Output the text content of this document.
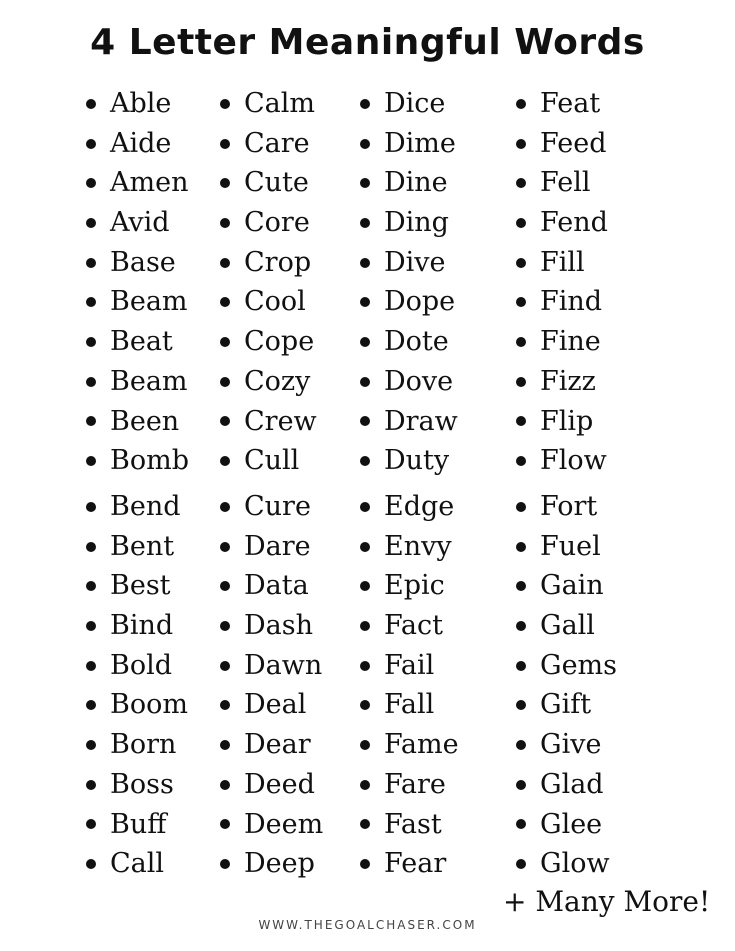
4 Letter Meaningful Words
Able
Aide
Amen
Avid
Base
Beam
Beat
Beam
Been
Bomb
Calm
Care
Cute
Core
Crop
Cool
Cope
Cozy
Crew
Cull
Dice
Dime
Dine
Ding
Dive
Dope
Dote
Dove
Draw
Duty
Feat
Feed
Fell
Fend
Fill
Find
Fine
Fizz
Flip
Flow
Bend
Bent
Best
Bind
Bold
Boom
Born
Boss
Buff
Call
Cure
Dare
Data
Dash
Dawn
Deal
Dear
Deed
Deem
Deep
Edge
Envy
Epic
Fact
Fail
Fall
Fame
Fare
Fast
Fear
Fort
Fuel
Gain
Gall
Gems
Gift
Give
Glad
Glee
Glow
+ Many More!
WWW.THEGOALCHASER.COM
